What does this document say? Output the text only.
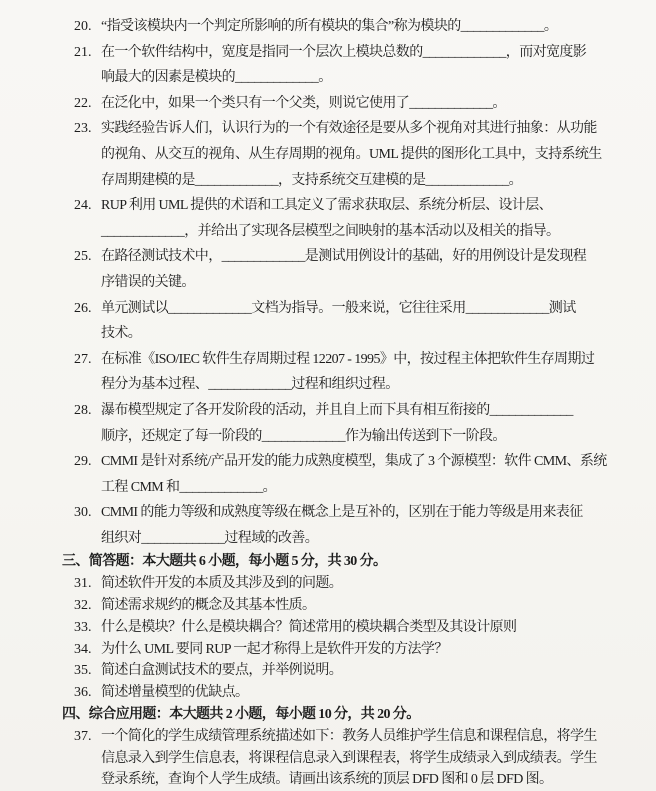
20. “指受该模块内一个判定所影响的所有模块的集合”称为模块的_____________。
21. 在一个软件结构中，宽度是指同一个层次上模块总数的_____________，而对宽度影
响最大的因素是模块的_____________。
22. 在泛化中，如果一个类只有一个父类，则说它使用了_____________。
23. 实践经验告诉人们，认识行为的一个有效途径是要从多个视角对其进行抽象：从功能
的视角、从交互的视角、从生存周期的视角。UML 提供的图形化工具中，支持系统生
存周期建模的是_____________，支持系统交互建模的是_____________。
24. RUP 利用 UML 提供的术语和工具定义了需求获取层、系统分析层、设计层、
_____________，并给出了实现各层模型之间映射的基本活动以及相关的指导。
25. 在路径测试技术中，_____________是测试用例设计的基础，好的用例设计是发现程
序错误的关键。
26. 单元测试以_____________文档为指导。一般来说，它往往采用_____________测试
技术。
27. 在标准《ISO/IEC 软件生存周期过程 12207 - 1995》中，按过程主体把软件生存周期过
程分为基本过程、_____________过程和组织过程。
28. 瀑布模型规定了各开发阶段的活动，并且自上而下具有相互衔接的_____________
顺序，还规定了每一阶段的_____________作为输出传送到下一阶段。
29. CMMI 是针对系统/产品开发的能力成熟度模型，集成了 3 个源模型：软件 CMM、系统
工程 CMM 和_____________。
30. CMMI 的能力等级和成熟度等级在概念上是互补的，区别在于能力等级是用来表征
组织对_____________过程域的改善。
三、简答题：本大题共 6 小题，每小题 5 分，共 30 分。
31. 简述软件开发的本质及其涉及到的问题。
32. 简述需求规约的概念及其基本性质。
33. 什么是模块？什么是模块耦合？简述常用的模块耦合类型及其设计原则
34. 为什么 UML 要同 RUP 一起才称得上是软件开发的方法学？
35. 简述白盒测试技术的要点，并举例说明。
36. 简述增量模型的优缺点。
四、综合应用题：本大题共 2 小题，每小题 10 分，共 20 分。
37. 一个简化的学生成绩管理系统描述如下：教务人员维护学生信息和课程信息，将学生
信息录入到学生信息表，将课程信息录入到课程表，将学生成绩录入到成绩表。学生
登录系统，查询个人学生成绩。请画出该系统的顶层 DFD 图和 0 层 DFD 图。
